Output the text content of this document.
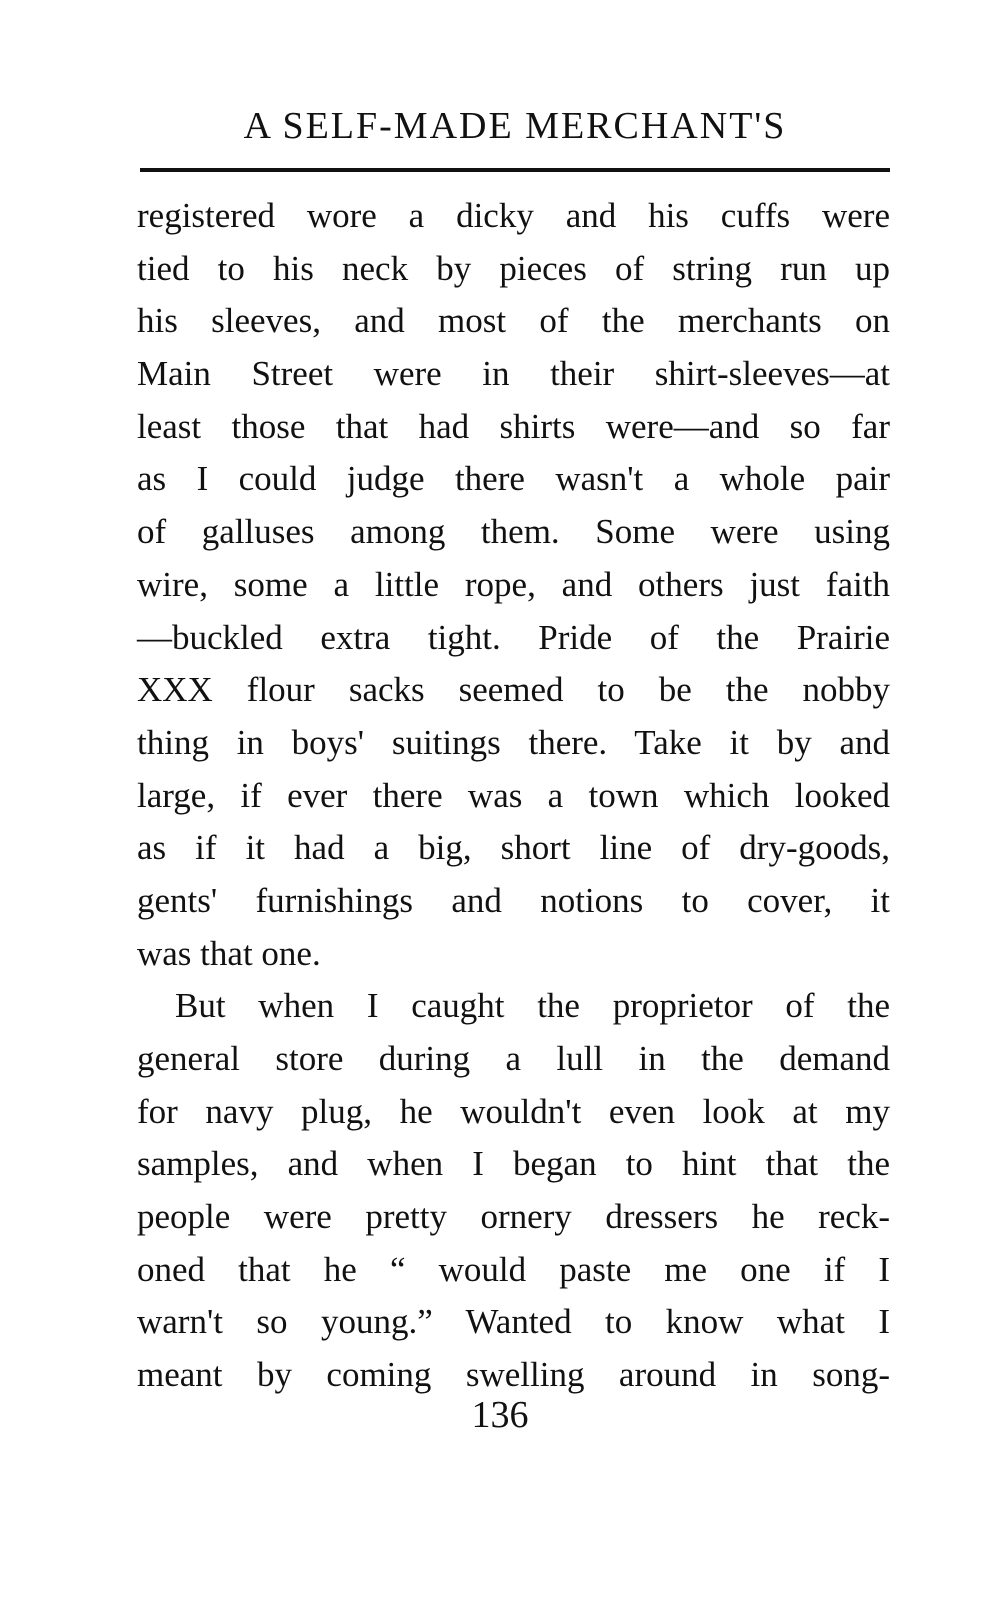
A SELF-MADE MERCHANT'S
registered wore a dicky and his cuffs were
tied to his neck by pieces of string run up
his sleeves, and most of the merchants on
Main Street were in their shirt-sleeves—at
least those that had shirts were—and so far
as I could judge there wasn't a whole pair
of galluses among them. Some were using
wire, some a little rope, and others just faith
—buckled extra tight. Pride of the Prairie
XXX flour sacks seemed to be the nobby
thing in boys' suitings there. Take it by and
large, if ever there was a town which looked
as if it had a big, short line of dry-goods,
gents' furnishings and notions to cover, it
was that one.
But when I caught the proprietor of the
general store during a lull in the demand
for navy plug, he wouldn't even look at my
samples, and when I began to hint that the
people were pretty ornery dressers he reck-
oned that he “ would paste me one if I
warn't so young.” Wanted to know what I
meant by coming swelling around in song-
136
